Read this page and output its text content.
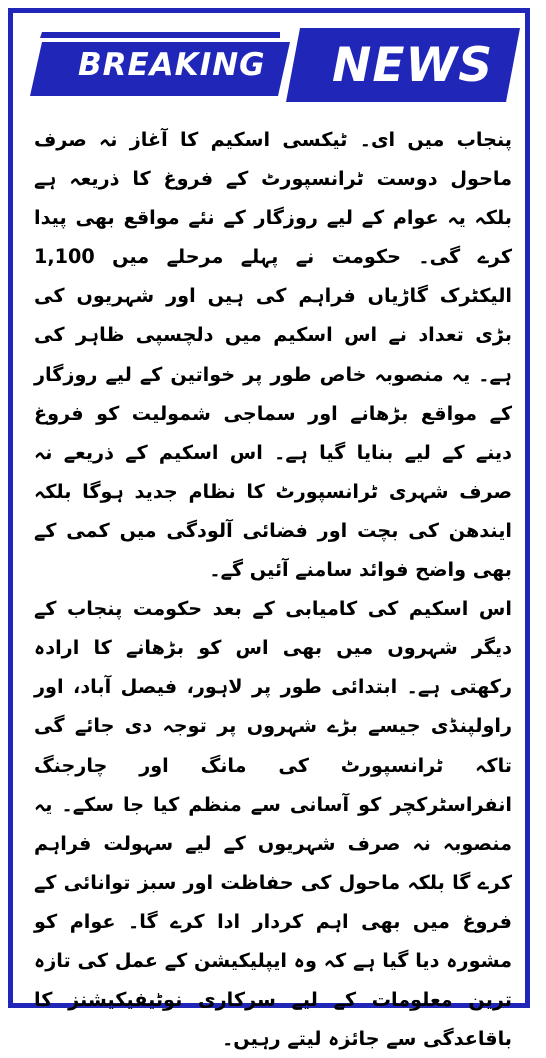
BREAKING NEWS

پنجاب میں ای۔ ٹیکسی اسکیم کا آغاز نہ صرف ماحول دوست ٹرانسپورٹ کے فروغ کا ذریعہ ہے بلکہ یہ عوام کے لیے روزگار کے نئے مواقع بھی پیدا کرے گی۔ حکومت نے پہلے مرحلے میں 1,100 الیکٹرک گاڑیاں فراہم کی ہیں اور شہریوں کی بڑی تعداد نے اس اسکیم میں دلچسپی ظاہر کی ہے۔ یہ منصوبہ خاص طور پر خواتین کے لیے روزگار کے مواقع بڑھانے اور سماجی شمولیت کو فروغ دینے کے لیے بنایا گیا ہے۔ اس اسکیم کے ذریعے نہ صرف شہری ٹرانسپورٹ کا نظام جدید ہوگا بلکہ ایندھن کی بچت اور فضائی آلودگی میں کمی کے بھی واضح فوائد سامنے آئیں گے۔

اس اسکیم کی کامیابی کے بعد حکومت پنجاب کے دیگر شہروں میں بھی اس کو بڑھانے کا ارادہ رکھتی ہے۔ ابتدائی طور پر لاہور، فیصل آباد، اور راولپنڈی جیسے بڑے شہروں پر توجہ دی جائے گی تاکہ ٹرانسپورٹ کی مانگ اور چارجنگ انفراسٹرکچر کو آسانی سے منظم کیا جا سکے۔ یہ منصوبہ نہ صرف شہریوں کے لیے سہولت فراہم کرے گا بلکہ ماحول کی حفاظت اور سبز توانائی کے فروغ میں بھی اہم کردار ادا کرے گا۔ عوام کو مشورہ دیا گیا ہے کہ وہ ایپلیکیشن کے عمل کی تازہ ترین معلومات کے لیے سرکاری نوٹیفیکیشنز کا باقاعدگی سے جائزہ لیتے رہیں۔
